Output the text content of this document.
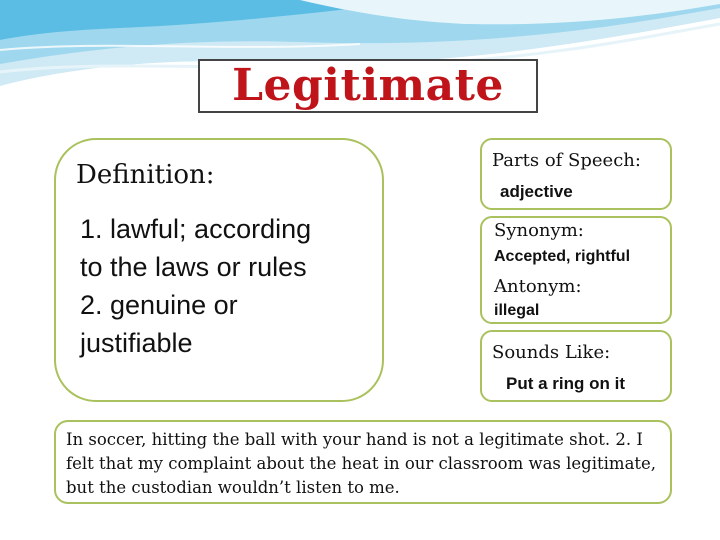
Legitimate
Definition:
1. lawful; according
to the laws or rules
2. genuine or
justifiable
Parts of Speech:
adjective
Synonym:
Accepted, rightful
Antonym:
illegal
Sounds Like:
Put a ring on it
In soccer, hitting the ball with your hand is not a legitimate shot. 2. I felt that my complaint about the heat in our classroom was legitimate, but the custodian wouldn’t listen to me.
